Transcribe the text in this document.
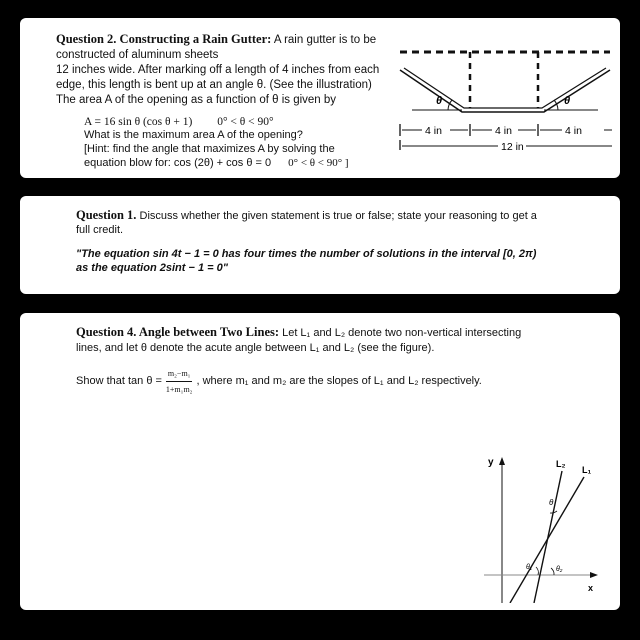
Question 2. Constructing a Rain Gutter: A rain gutter is to be constructed of aluminum sheets
12 inches wide. After marking off a length of 4 inches from each
edge, this length is bent up at an angle θ. (See the illustration)
The area A of the opening as a function of θ is given by
A = 16 sin θ (cos θ + 1) 0° < θ < 90°
What is the maximum area A of the opening?
[Hint: find the angle that maximizes A by solving the
equation blow for: cos (2θ) + cos θ = 0 0° < θ < 90° ]
θ	θ
4 in	4 in	4 in
12 in
Question 1. Discuss whether the given statement is true or false; state your reasoning to get a
full credit.
"The equation sin 4t − 1 = 0 has four times the number of solutions in the interval [0, 2π)
as the equation 2sint − 1 = 0"
Question 4. Angle between Two Lines: Let L₁ and L₂ denote two non-vertical intersecting
lines, and let θ denote the acute angle between L₁ and L₂ (see the figure).
Show that $\tan \theta = \frac{\text{m₂−m₁}}{\text{1+m₁m₂}}$ , where m₁ and m₂ are the slopes of L₁ and L₂ respectively.
y
x
L₂
L₁
θ
θ₁	θ₂
